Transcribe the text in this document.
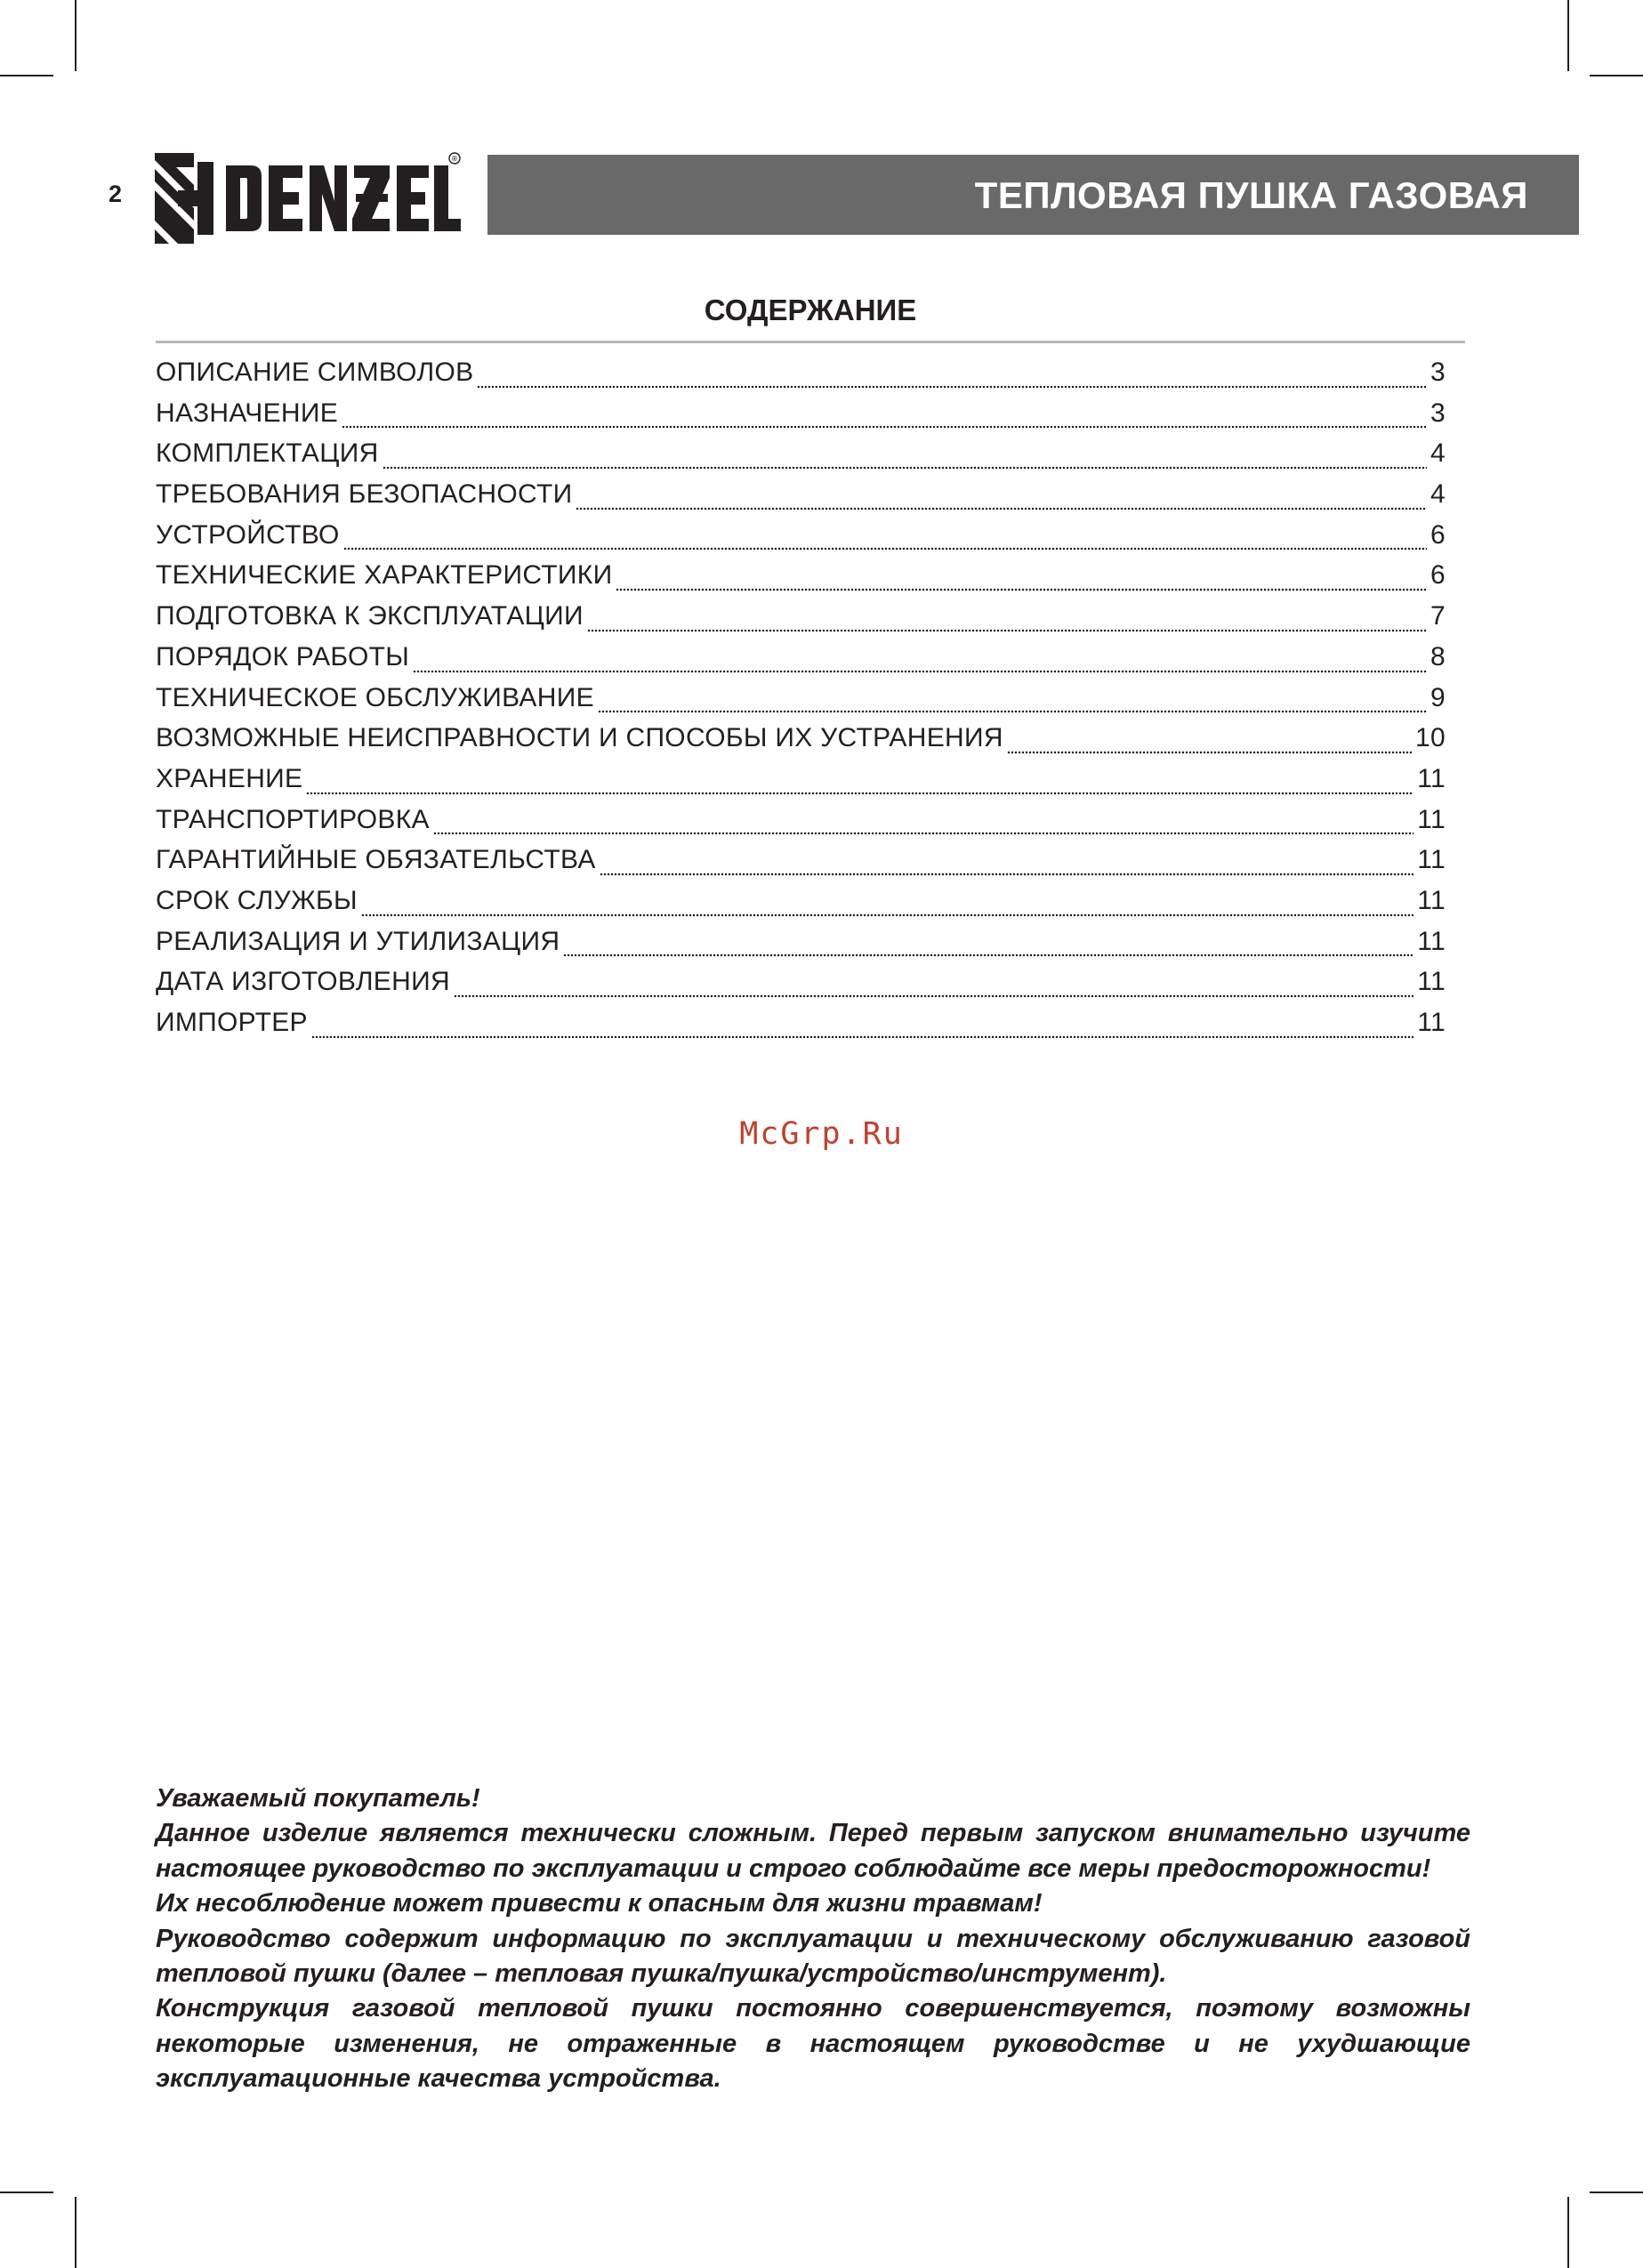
2
®
ТЕПЛОВАЯ ПУШКА ГАЗОВАЯ
СОДЕРЖАНИЕ
ОПИСАНИЕ СИМВОЛОВ	3
НАЗНАЧЕНИЕ	3
КОМПЛЕКТАЦИЯ	4
ТРЕБОВАНИЯ БЕЗОПАСНОСТИ	4
УСТРОЙСТВО	6
ТЕХНИЧЕСКИЕ ХАРАКТЕРИСТИКИ	6
ПОДГОТОВКА К ЭКСПЛУАТАЦИИ	7
ПОРЯДОК РАБОТЫ	8
ТЕХНИЧЕСКОЕ ОБСЛУЖИВАНИЕ	9
ВОЗМОЖНЫЕ НЕИСПРАВНОСТИ И СПОСОБЫ ИХ УСТРАНЕНИЯ	10
ХРАНЕНИЕ	11
ТРАНСПОРТИРОВКА	11
ГАРАНТИЙНЫЕ ОБЯЗАТЕЛЬСТВА	11
СРОК СЛУЖБЫ	11
РЕАЛИЗАЦИЯ И УТИЛИЗАЦИЯ	11
ДАТА ИЗГОТОВЛЕНИЯ	11
ИМПОРТЕР	11
McGrp.Ru

Уважаемый покупатель!

Данное изделие является технически сложным. Перед первым запуском внимательно изучите настоящее руководство по эксплуатации и строго соблюдайте все меры предосторожности!

Их несоблюдение может привести к опасным для жизни травмам!

Руководство содержит информацию по эксплуатации и техническому обслуживанию газовой тепловой пушки (далее – тепловая пушка/пушка/устройство/инструмент).

Конструкция газовой тепловой пушки постоянно совершенствуется, поэтому возможны некоторые изменения, не отраженные в настоящем руководстве и не ухудшающие эксплуатационные качества устройства.
